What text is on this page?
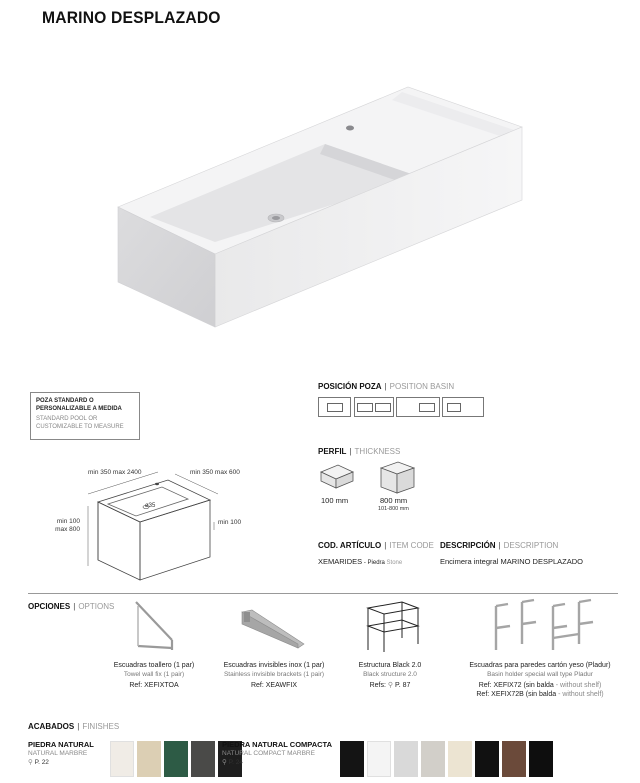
MARINO DESPLAZADO
POZA STANDARD O PERSONALIZABLE A MEDIDA
STANDARD POOL OR CUSTOMIZABLE TO MEASURE
min 350 max 2400	min 350 max 600
min 100 max 800
min 100
ø35
POSICIÓN POZA | POSITION BASIN
PERFIL | THICKNESS
100 mm	800 mm
101-800 mm
COD. ARTÍCULO | ITEM CODE
XEMARIDES - Piedra Stone
DESCRIPCIÓN | DESCRIPTION
Encimera integral MARINO DESPLAZADO
OPCIONES | OPTIONS
Escuadras toallero (1 par)
Towel wall fix (1 pair)
Ref: XEFIXTOA
Escuadras invisibles inox (1 par)
Stainless invisible brackets (1 pair)
Ref: XEAWFIX
Estructura Black 2.0
Black structure 2.0
Refs: ⚲ P. 87
Escuadras para paredes cartón yeso (Pladur)
Basin holder special wall type Pladur
Ref: XEFIX72 (sin balda - without shelf)
Ref: XEFIX72B (sin balda - without shelf)
ACABADOS | FINISHES
PIEDRA NATURAL
NATURAL MARBRE
⚲ P. 22
PIEDRA NATURAL COMPACTA
NATURAL COMPACT MARBRE
⚲ P. 24
